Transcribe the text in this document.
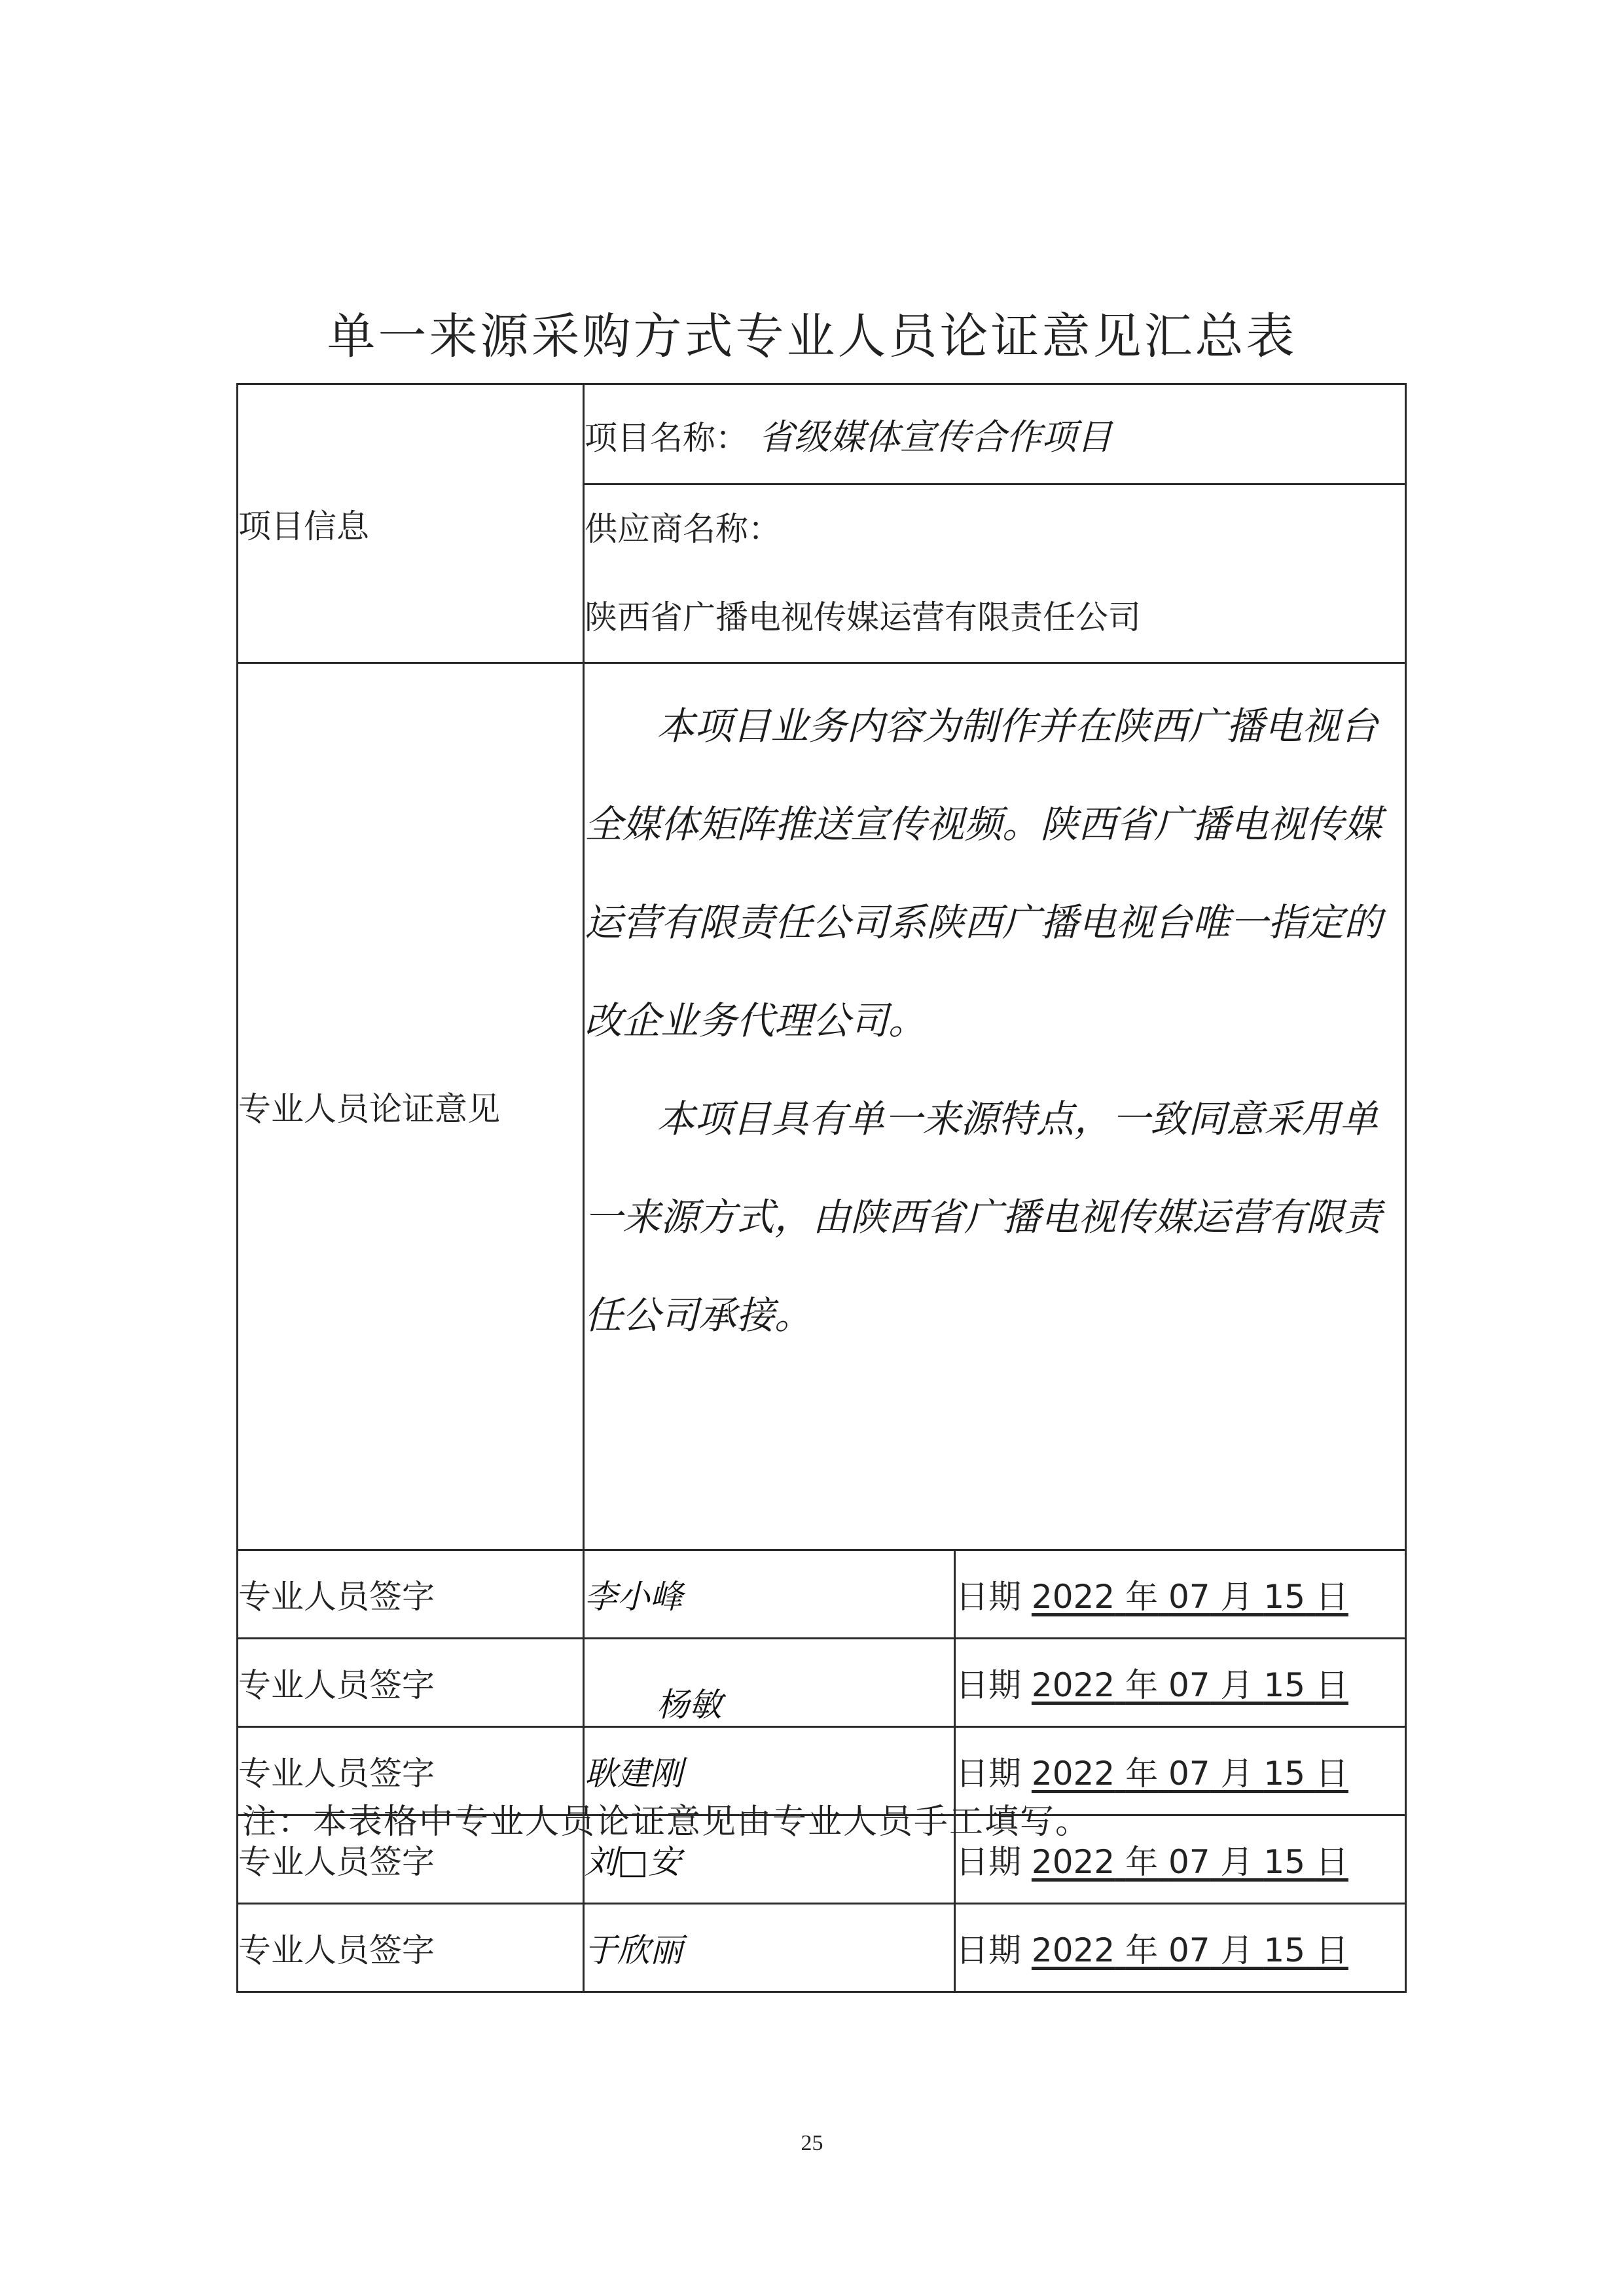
单一来源采购方式专业人员论证意见汇总表
项目信息	项目名称： 省级媒体宣传合作项目	

	供应商名称：
陕西省广播电视传媒运营有限责任公司	

专业人员论证意见	本项目业务内容为制作并在陕西广播电视台全媒体矩阵推送宣传视频。陕西省广播电视传媒运营有限责任公司系陕西广播电视台唯一指定的改企业务代理公司。

本项目具有单一来源特点，一致同意采用单一来源方式，由陕西省广播电视传媒运营有限责任公司承接。	

专业人员签字	李小峰	日期 2022 年 07 月 15 日
专业人员签字	杨敏	日期 2022 年 07 月 15 日
专业人员签字	耿建刚	日期 2022 年 07 月 15 日
专业人员签字	刘□安	日期 2022 年 07 月 15 日
专业人员签字	于欣丽	日期 2022 年 07 月 15 日
注：本表格中专业人员论证意见由专业人员手工填写。
25
